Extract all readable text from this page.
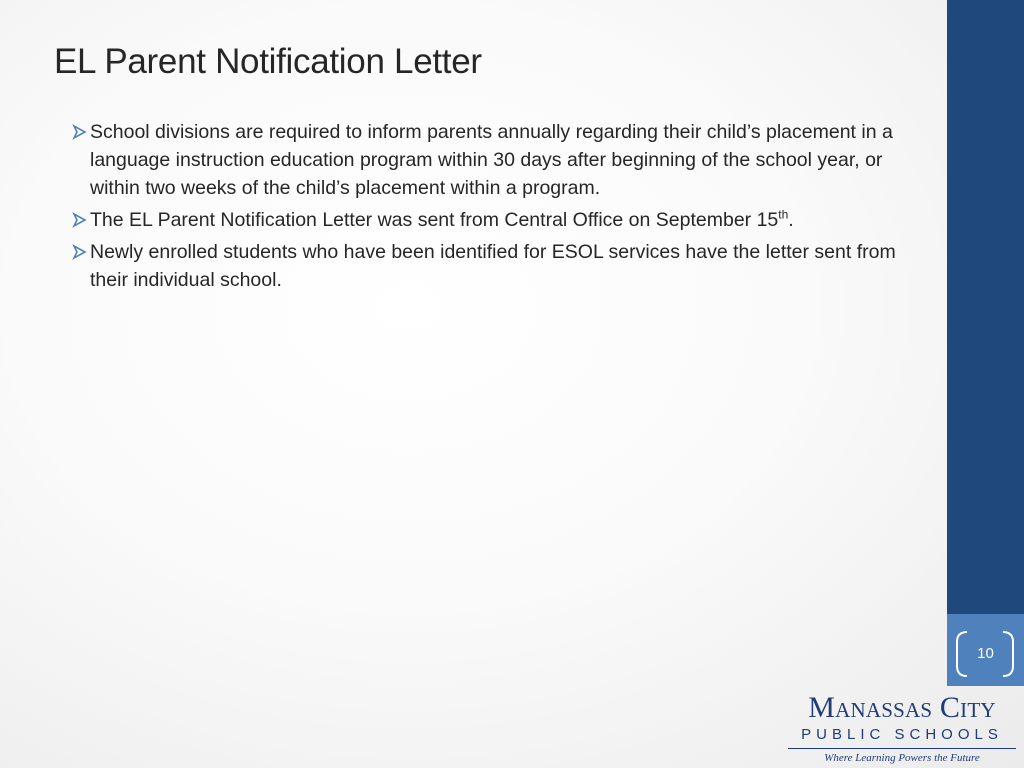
EL Parent Notification Letter
School divisions are required to inform parents annually regarding their child’s placement in a language instruction education program within 30 days after beginning of the school year, or within two weeks of the child’s placement within a program.
The EL Parent Notification Letter was sent from Central Office on September 15th.
Newly enrolled students who have been identified for ESOL services have the letter sent from their individual school.
10
Manassas City
PUBLIC SCHOOLS
Where Learning Powers the Future
